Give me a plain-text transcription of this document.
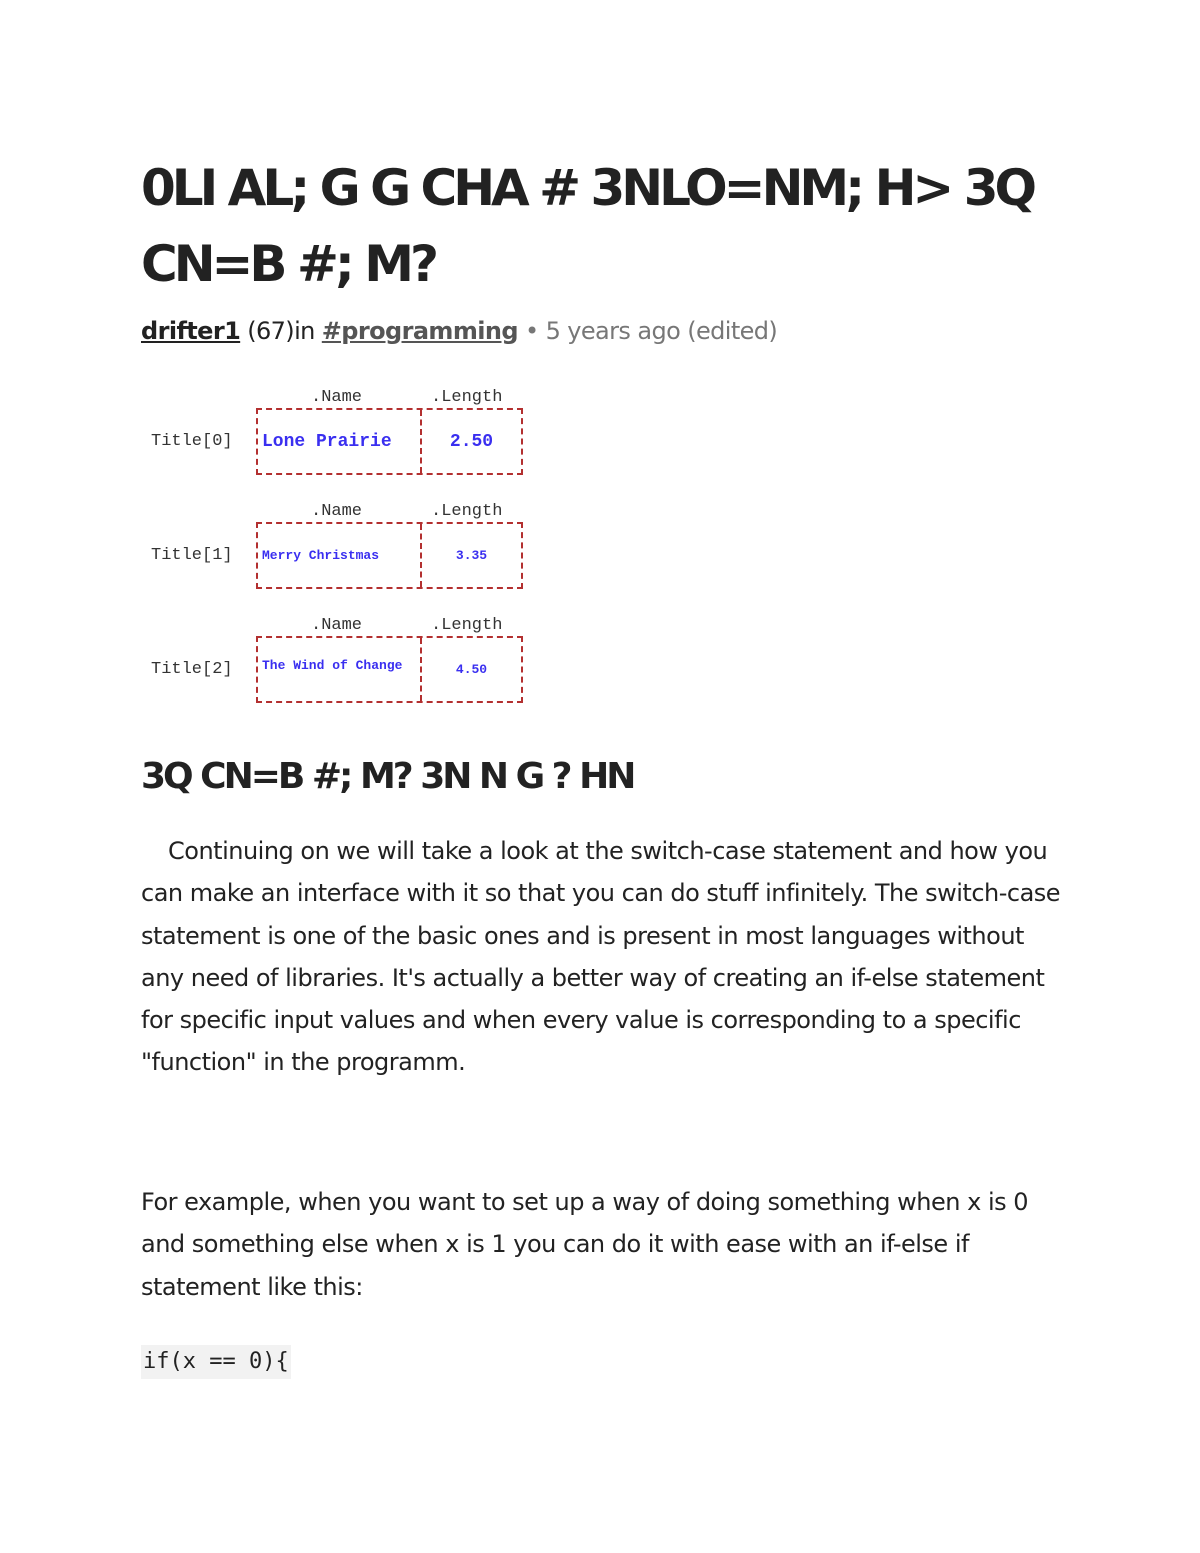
0LI AL; G G CHA # 3NLO=NM; H> 3Q CN=B #; M?
drifter1 (67)in #programming • 5 years ago (edited)
.Name	.Length
Title[0] Lone Prairie	2.50
.Name	.Length
Title[1] Merry Christmas	3.35
.Name	.Length
Title[2] The Wind of Change	4.50
3Q CN=B #; M? 3N N G ? HN

Continuing on we will take a look at the switch-case statement and how you can make an interface with it so that you can do stuff infinitely. The switch-case statement is one of the basic ones and is present in most languages without any need of libraries. It's actually a better way of creating an if-else statement for specific input values and when every value is corresponding to a specific "function" in the programm.

For example, when you want to set up a way of doing something when x is 0 and something else when x is 1 you can do it with ease with an if-else if statement like this:

if(x == 0){
